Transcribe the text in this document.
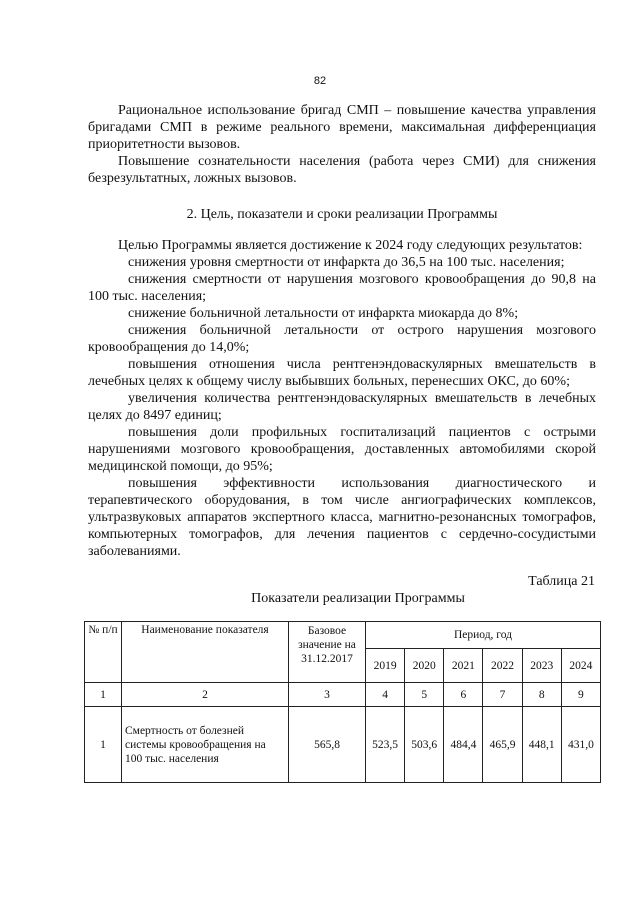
82

Рациональное использование бригад СМП – повышение качества управления бригадами СМП в режиме реального времени, максимальная дифференциация приоритетности вызовов.

Повышение сознательности населения (работа через СМИ) для снижения безрезультатных, ложных вызовов.

2. Цель, показатели и сроки реализации Программы

Целью Программы является достижение к 2024 году следующих результатов:

снижения уровня смертности от инфаркта до 36,5 на 100 тыс. населения;

снижения смертности от нарушения мозгового кровообращения до 90,8 на 100 тыс. населения;

снижение больничной летальности от инфаркта миокарда до 8%;

снижения больничной летальности от острого нарушения мозгового кровообращения до 14,0%;

повышения отношения числа рентгенэндоваскулярных вмешательств в лечебных целях к общему числу выбывших больных, перенесших ОКС, до 60%;

увеличения количества рентгенэндоваскулярных вмешательств в лечебных целях до 8497 единиц;

повышения доли профильных госпитализаций пациентов с острыми нарушениями мозгового кровообращения, доставленных автомобилями скорой медицинской помощи, до 95%;

повышения эффективности использования диагностического и терапевтического оборудования, в том числе ангиографических комплексов, ультразвуковых аппаратов экспертного класса, магнитно-резонансных томографов, компьютерных томографов, для лечения пациентов с сердечно-сосудистыми заболеваниями.

Таблица 21
Показатели реализации Программы
№ п/п	Наименование показателя	Базовое значение на 31.12.2017	Период, год					
			2019	2020	2021	2022	2023	2024
1	2	3	4	5	6	7	8	9
1	Смертность от болезней системы кровообращения на 100 тыс. населения	565,8	523,5	503,6	484,4	465,9	448,1	431,0
